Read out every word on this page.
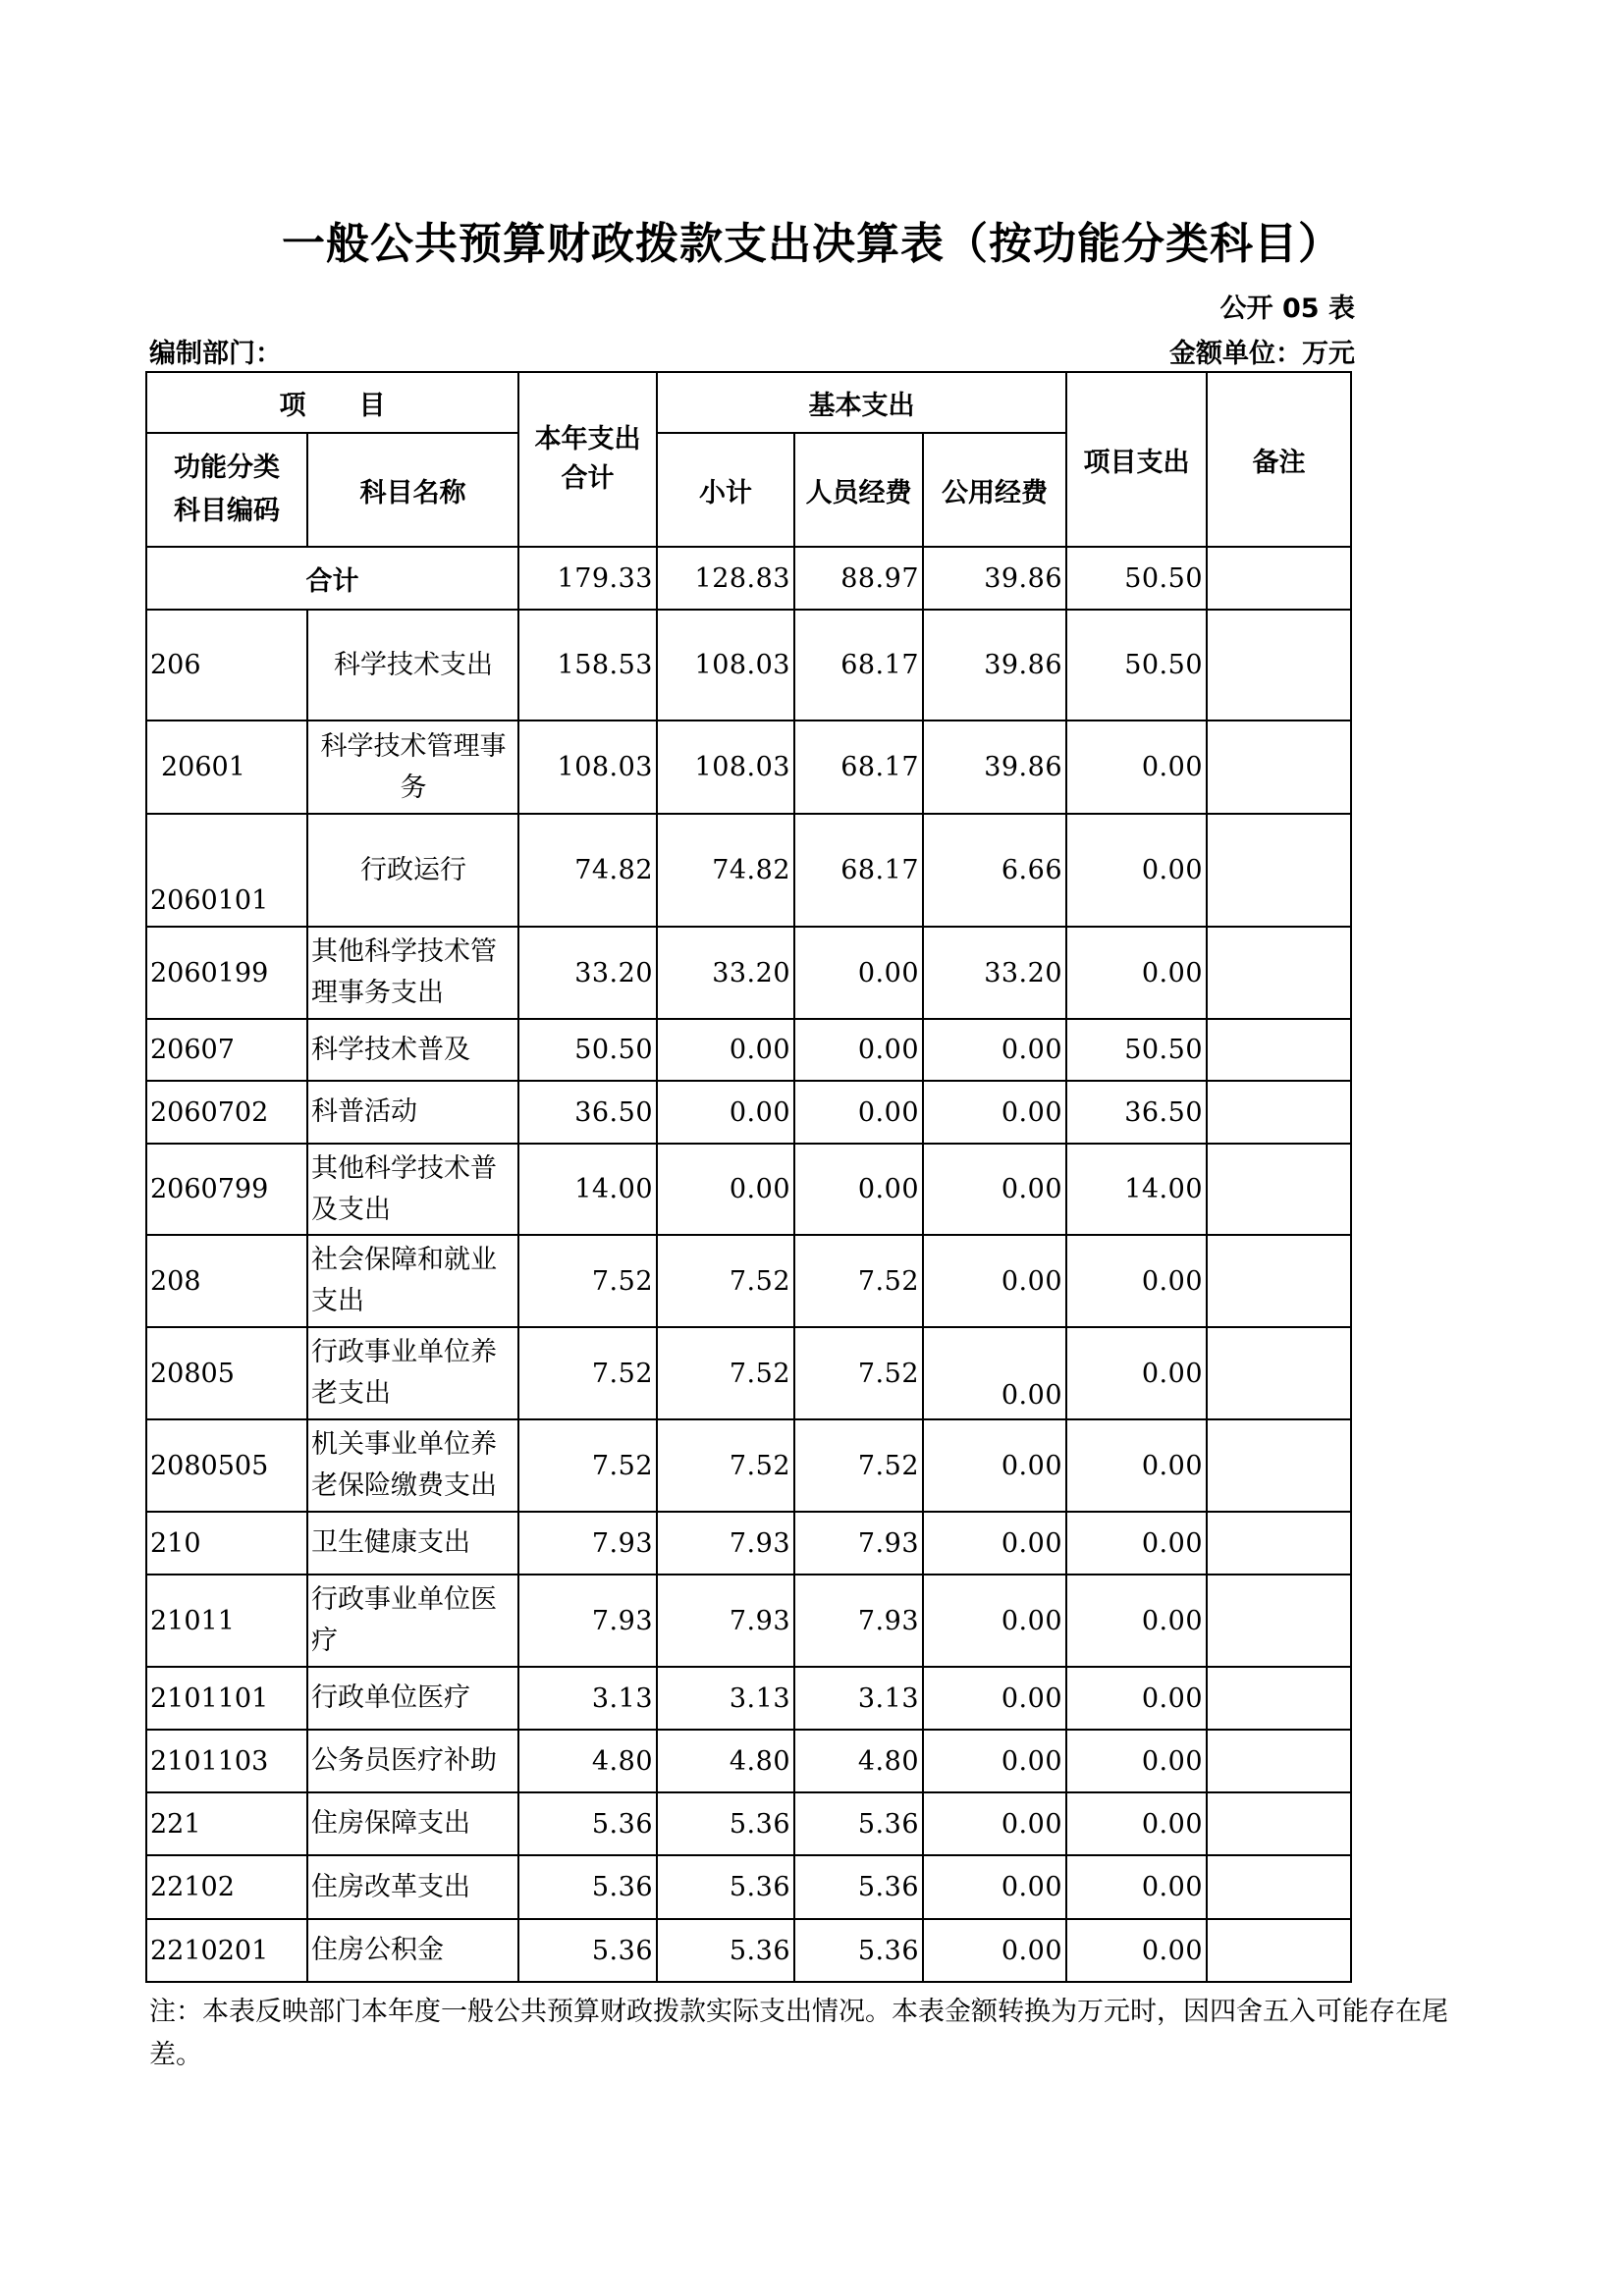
一般公共预算财政拨款支出决算表（按功能分类科目）
公开 05 表
编制部门：	金额单位：万元
项　　目		本年支出合计	基本支出			项目支出	备注

功能分类科目编码	科目名称		小计	人员经费	公用经费		
合计		179.33	128.83	88.97	39.86	50.50	
206	科学技术支出	158.53	108.03	68.17	39.86	50.50	
20601	科学技术管理事务	108.03	108.03	68.17	39.86	0.00	
2060101	行政运行	74.82	74.82	68.17	6.66	0.00	
2060199	其他科学技术管理事务支出	33.20	33.20	0.00	33.20	0.00	
20607	科学技术普及	50.50	0.00	0.00	0.00	50.50	
2060702	科普活动	36.50	0.00	0.00	0.00	36.50	
2060799	其他科学技术普及支出	14.00	0.00	0.00	0.00	14.00	
208	社会保障和就业支出	7.52	7.52	7.52	0.00	0.00	
20805	行政事业单位养老支出	7.52	7.52	7.52	0.00	0.00	
2080505	机关事业单位养老保险缴费支出	7.52	7.52	7.52	0.00	0.00	
210	卫生健康支出	7.93	7.93	7.93	0.00	0.00	
21011	行政事业单位医疗	7.93	7.93	7.93	0.00	0.00	
2101101	行政单位医疗	3.13	3.13	3.13	0.00	0.00	
2101103	公务员医疗补助	4.80	4.80	4.80	0.00	0.00	
221	住房保障支出	5.36	5.36	5.36	0.00	0.00	
22102	住房改革支出	5.36	5.36	5.36	0.00	0.00	
2210201	住房公积金	5.36	5.36	5.36	0.00	0.00	
注：本表反映部门本年度一般公共预算财政拨款实际支出情况。本表金额转换为万元时，因四舍五入可能存在尾差。
